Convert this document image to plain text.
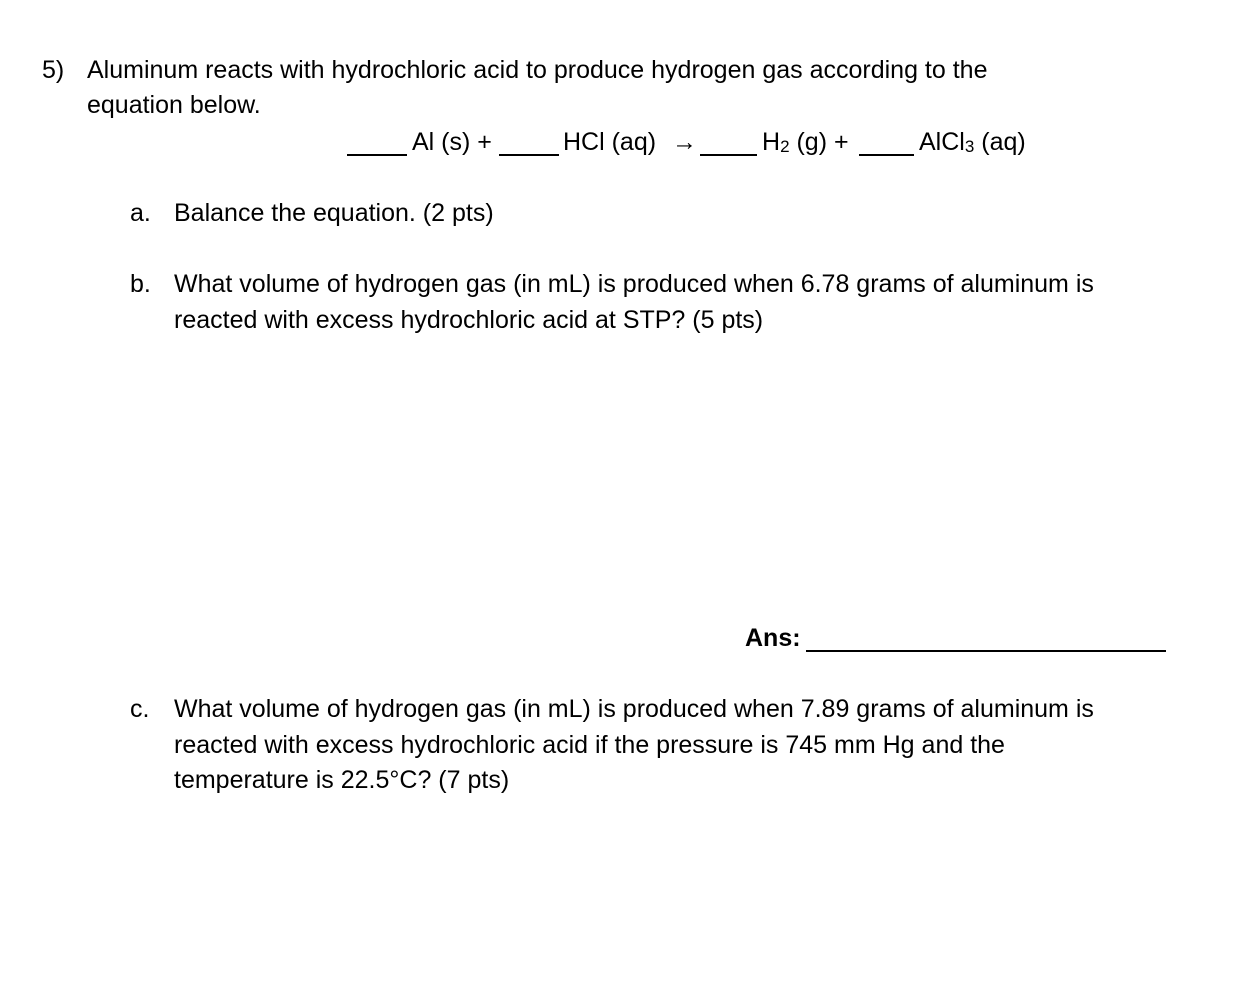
5) Aluminum reacts with hydrochloric acid to produce hydrogen gas according to the
equation below.
Al (s) +	HCl (aq) →	H2 (g) +	AlCl3 (aq)
a. Balance the equation. (2 pts)
b. What volume of hydrogen gas (in mL) is produced when 6.78 grams of aluminum is
reacted with excess hydrochloric acid at STP? (5 pts)
Ans:
c. What volume of hydrogen gas (in mL) is produced when 7.89 grams of aluminum is
reacted with excess hydrochloric acid if the pressure is 745 mm Hg and the
temperature is 22.5°C? (7 pts)
